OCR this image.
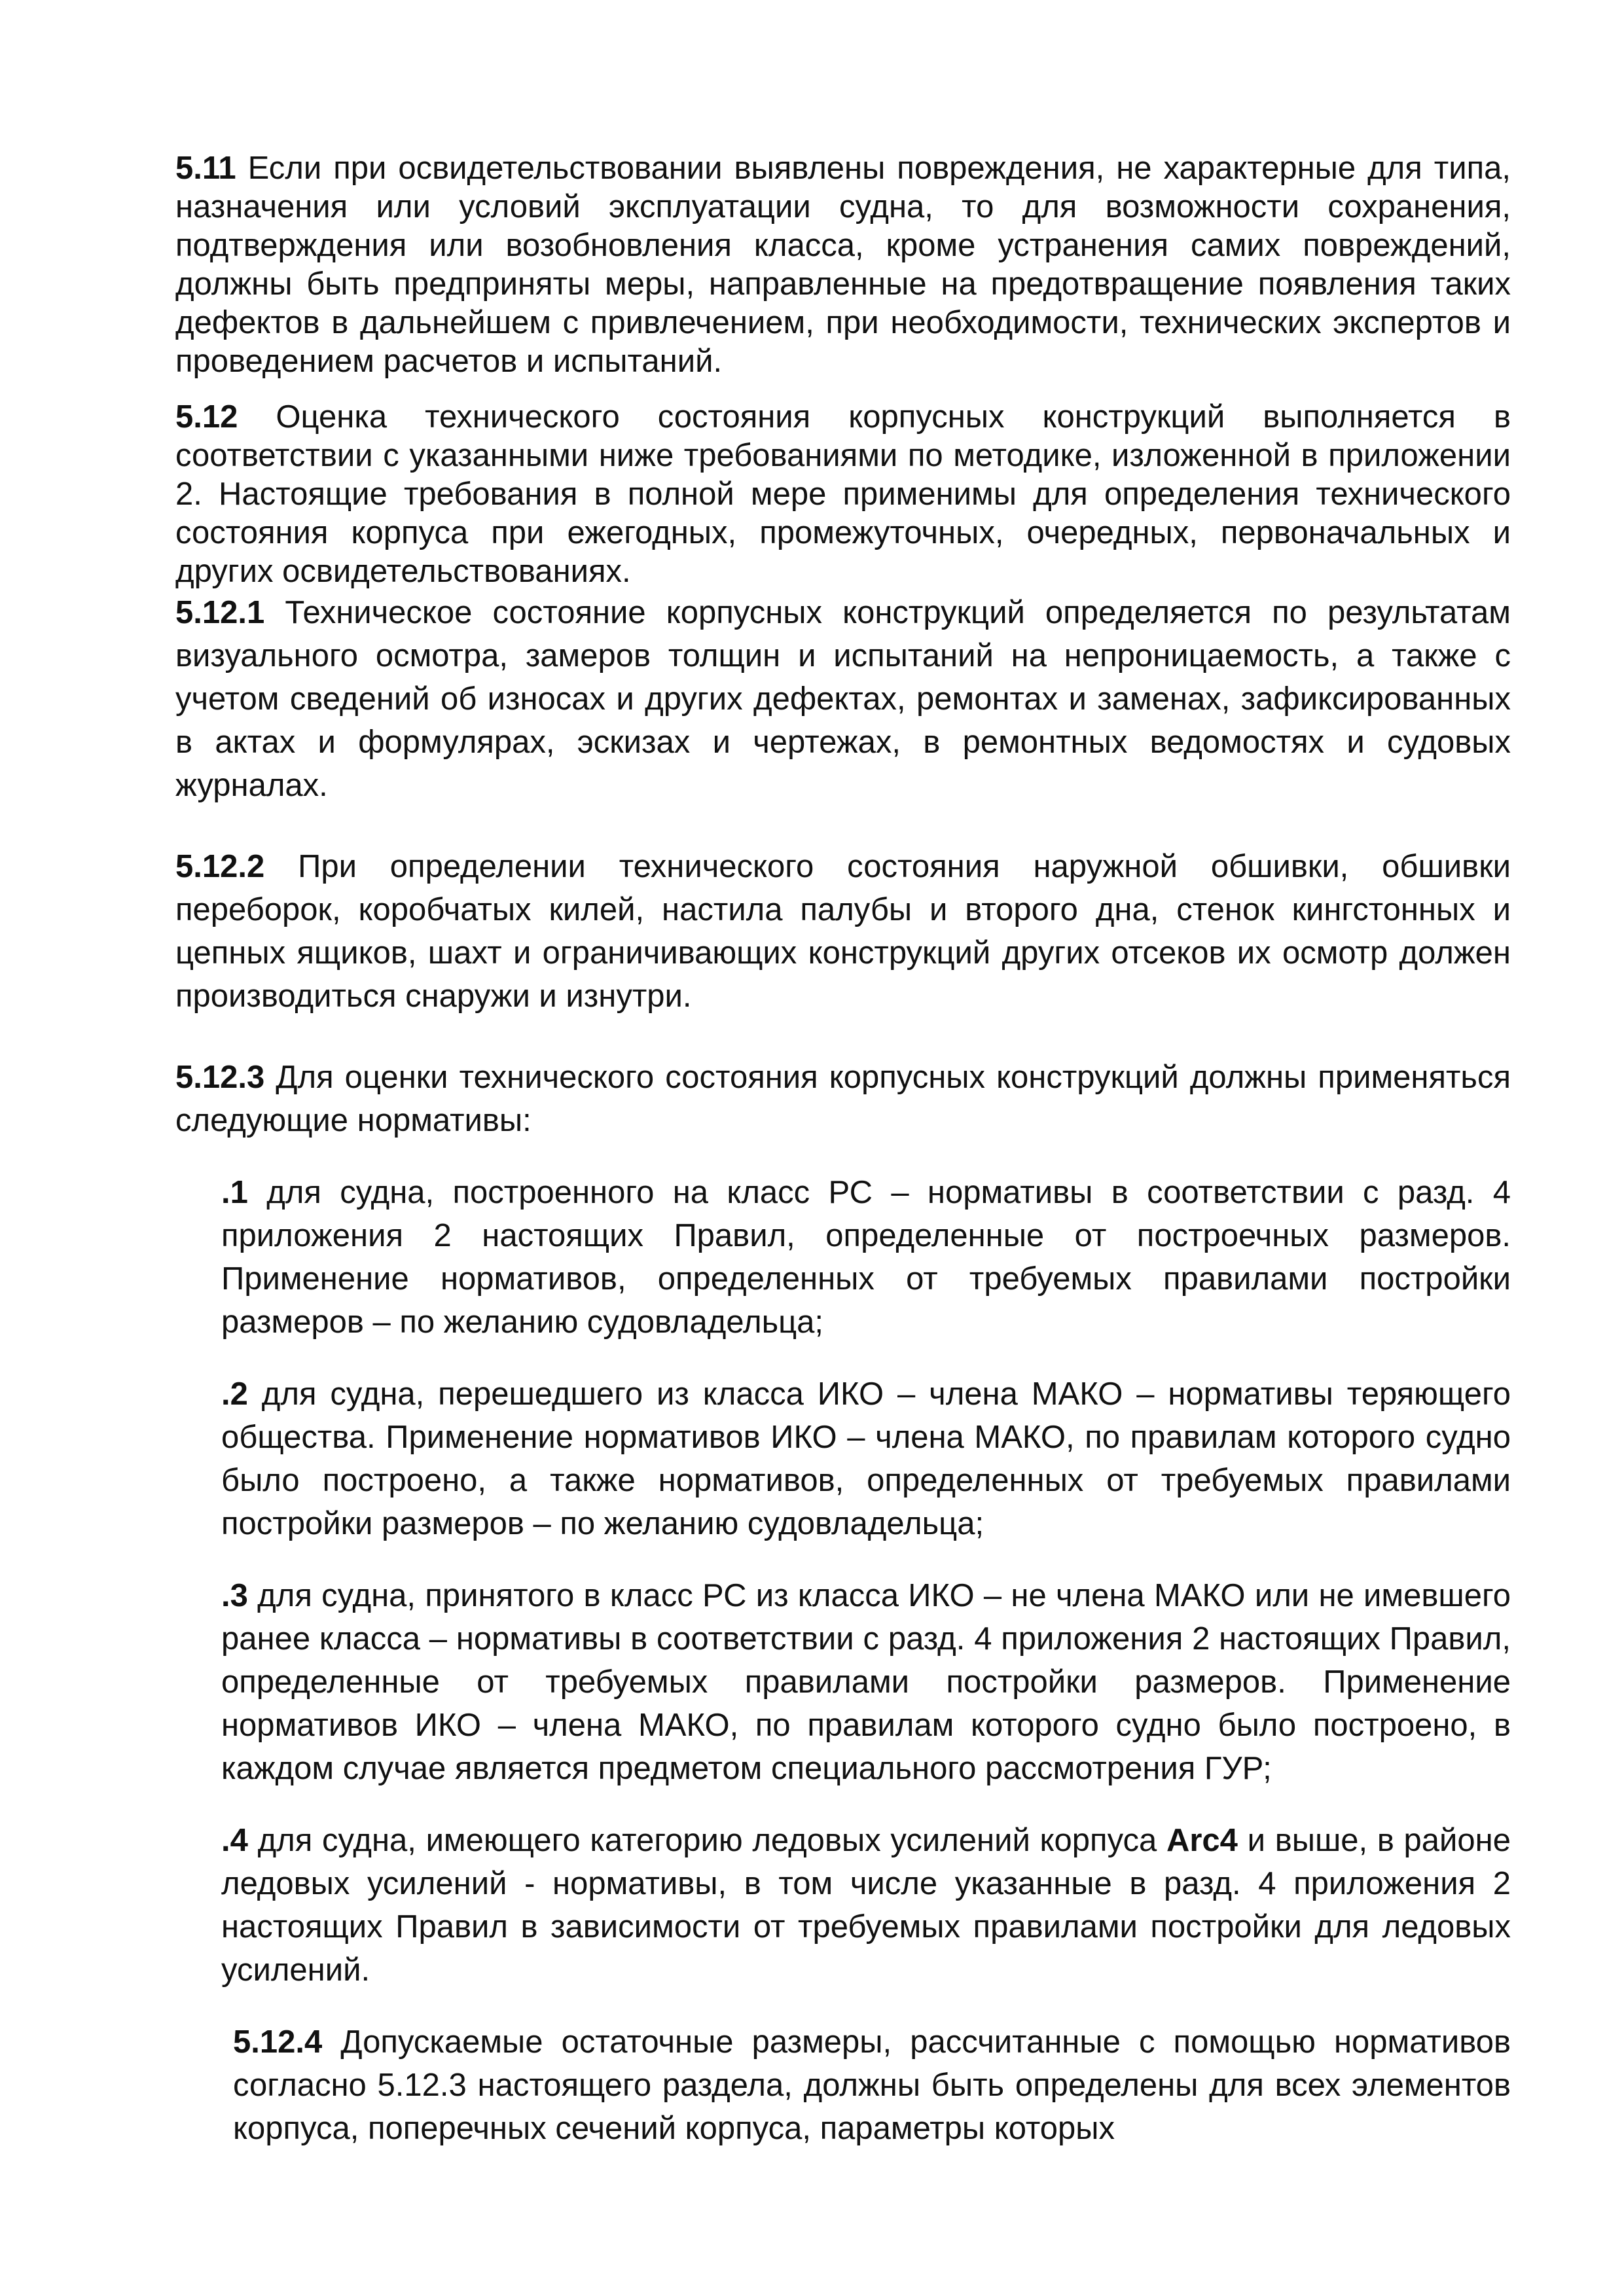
5.11 Если при освидетельствовании выявлены повреждения, не характерные для типа, назначения или условий эксплуатации судна, то для возможности сохранения, подтверждения или возобновления класса, кроме устранения самих повреждений, должны быть предприняты меры, направленные на предотвращение появления таких дефектов в дальнейшем с привлечением, при необходимости, технических экспертов и проведением расчетов и испытаний.

5.12 Оценка технического состояния корпусных конструкций выполняется в соответствии с указанными ниже требованиями по методике, изложенной в приложении 2. Настоящие требования в полной мере применимы для определения технического состояния корпуса при ежегодных, промежуточных, очередных, первоначальных и других освидетельствованиях.

5.12.1 Техническое состояние корпусных конструкций определяется по результатам визуального осмотра, замеров толщин и испытаний на непроницаемость, а также с учетом сведений об износах и других дефектах, ремонтах и заменах, зафиксированных в актах и формулярах, эскизах и чертежах, в ремонтных ведомостях и судовых журналах.

5.12.2 При определении технического состояния наружной обшивки, обшивки переборок, коробчатых килей, настила палубы и второго дна, стенок кингстонных и цепных ящиков, шахт и ограничивающих конструкций других отсеков их осмотр должен производиться снаружи и изнутри.

5.12.3 Для оценки технического состояния корпусных конструкций должны применяться следующие нормативы:

.1 для судна, построенного на класс РС – нормативы в соответствии с разд. 4 приложения 2 настоящих Правил, определенные от построечных размеров. Применение нормативов, определенных от требуемых правилами постройки размеров – по желанию судовладельца;

.2 для судна, перешедшего из класса ИКО – члена МАКО – нормативы теряющего общества. Применение нормативов ИКО – члена МАКО, по правилам которого судно было построено, а также нормативов, определенных от требуемых правилами постройки размеров – по желанию судовладельца;

.3 для судна, принятого в класс РС из класса ИКО – не члена МАКО или не имевшего ранее класса – нормативы в соответствии с разд. 4 приложения 2 настоящих Правил, определенные от требуемых правилами постройки размеров. Применение нормативов ИКО – члена МАКО, по правилам которого судно было построено, в каждом случае является предметом специального рассмотрения ГУР;

.4 для судна, имеющего категорию ледовых усилений корпуса Arc4 и выше, в районе ледовых усилений - нормативы, в том числе указанные в разд. 4 приложения 2 настоящих Правил в зависимости от требуемых правилами постройки для ледовых усилений.

5.12.4 Допускаемые остаточные размеры, рассчитанные с помощью нормативов согласно 5.12.3 настоящего раздела, должны быть определены для всех элементов корпуса, поперечных сечений корпуса, параметры которых
